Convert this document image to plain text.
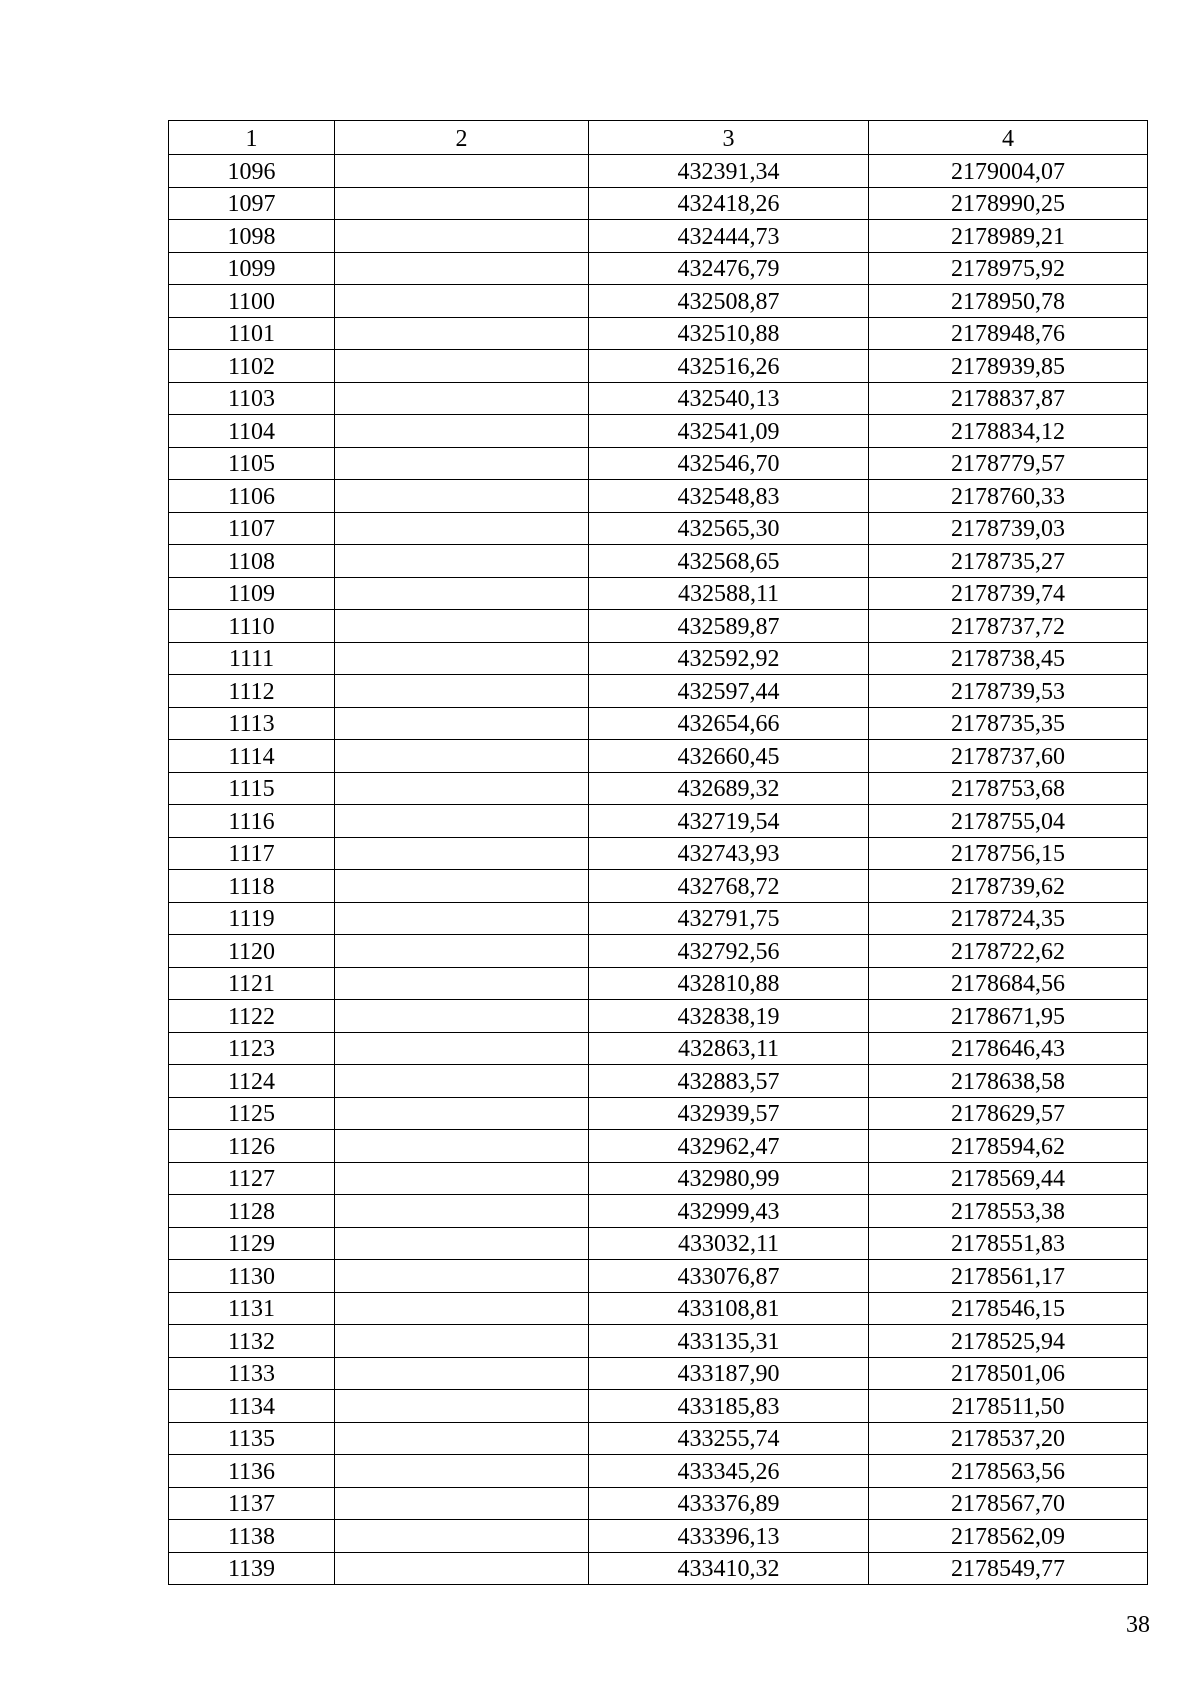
1	2	3	4
1096		432391,34	2179004,07
1097		432418,26	2178990,25
1098		432444,73	2178989,21
1099		432476,79	2178975,92
1100		432508,87	2178950,78
1101		432510,88	2178948,76
1102		432516,26	2178939,85
1103		432540,13	2178837,87
1104		432541,09	2178834,12
1105		432546,70	2178779,57
1106		432548,83	2178760,33
1107		432565,30	2178739,03
1108		432568,65	2178735,27
1109		432588,11	2178739,74
1110		432589,87	2178737,72
1111		432592,92	2178738,45
1112		432597,44	2178739,53
1113		432654,66	2178735,35
1114		432660,45	2178737,60
1115		432689,32	2178753,68
1116		432719,54	2178755,04
1117		432743,93	2178756,15
1118		432768,72	2178739,62
1119		432791,75	2178724,35
1120		432792,56	2178722,62
1121		432810,88	2178684,56
1122		432838,19	2178671,95
1123		432863,11	2178646,43
1124		432883,57	2178638,58
1125		432939,57	2178629,57
1126		432962,47	2178594,62
1127		432980,99	2178569,44
1128		432999,43	2178553,38
1129		433032,11	2178551,83
1130		433076,87	2178561,17
1131		433108,81	2178546,15
1132		433135,31	2178525,94
1133		433187,90	2178501,06
1134		433185,83	2178511,50
1135		433255,74	2178537,20
1136		433345,26	2178563,56
1137		433376,89	2178567,70
1138		433396,13	2178562,09
1139		433410,32	2178549,77
38
